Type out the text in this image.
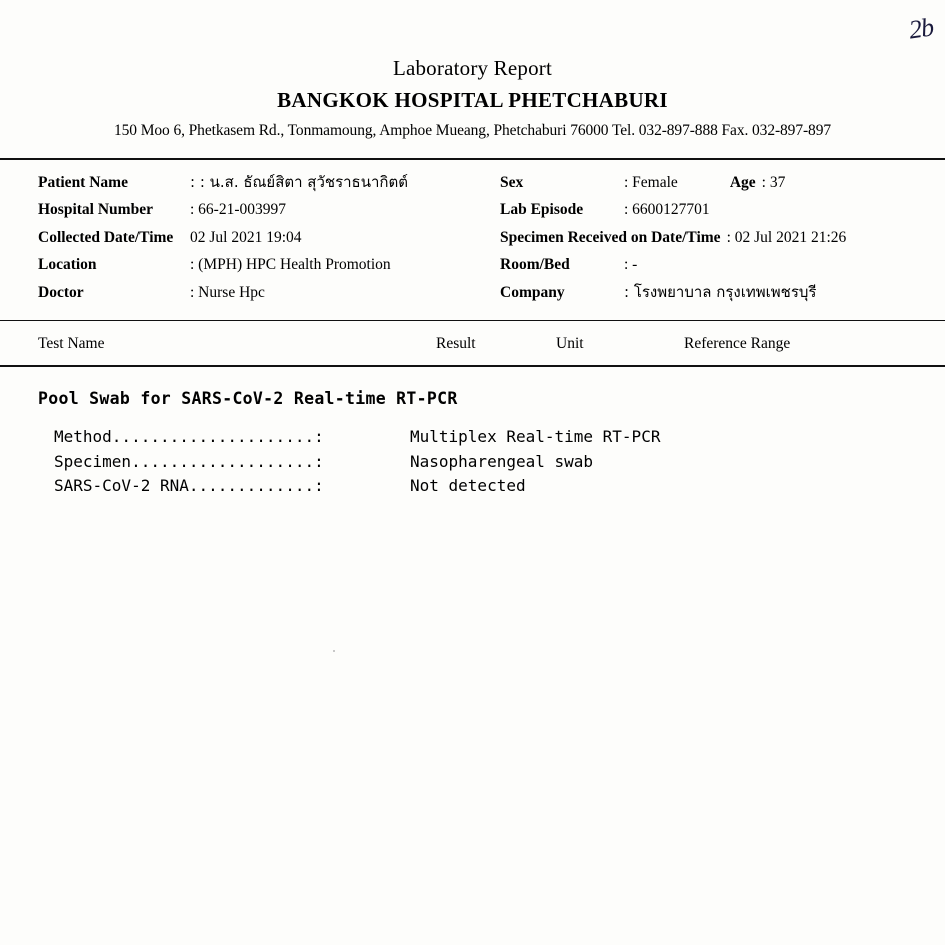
2b
Laboratory Report
BANGKOK HOSPITAL PHETCHABURI
150 Moo 6, Phetkasem Rd., Tonmamoung, Amphoe Mueang, Phetchaburi 76000 Tel. 032-897-888 Fax. 032-897-897
Patient Name	: : น.ส. ธัณย์สิตา สุวัชราธนากิตต์	Sex	: Female	Age : 37
Hospital Number	: 66-21-003997	Lab Episode	: 6600127701
Collected Date/Time	02 Jul 2021 19:04	Specimen Received on Date/Time : 02 Jul 2021 21:26
Location	: (MPH) HPC Health Promotion	Room/Bed	: -
Doctor	: Nurse Hpc	Company	: โรงพยาบาล กรุงเทพเพชรบุรี
Test Name	Result	Unit	Reference Range
Pool Swab for SARS-CoV-2 Real-time RT-PCR
Method.....................:	Multiplex Real-time RT-PCR
Specimen...................:	Nasopharengeal swab
SARS-CoV-2 RNA.............:	Not detected
